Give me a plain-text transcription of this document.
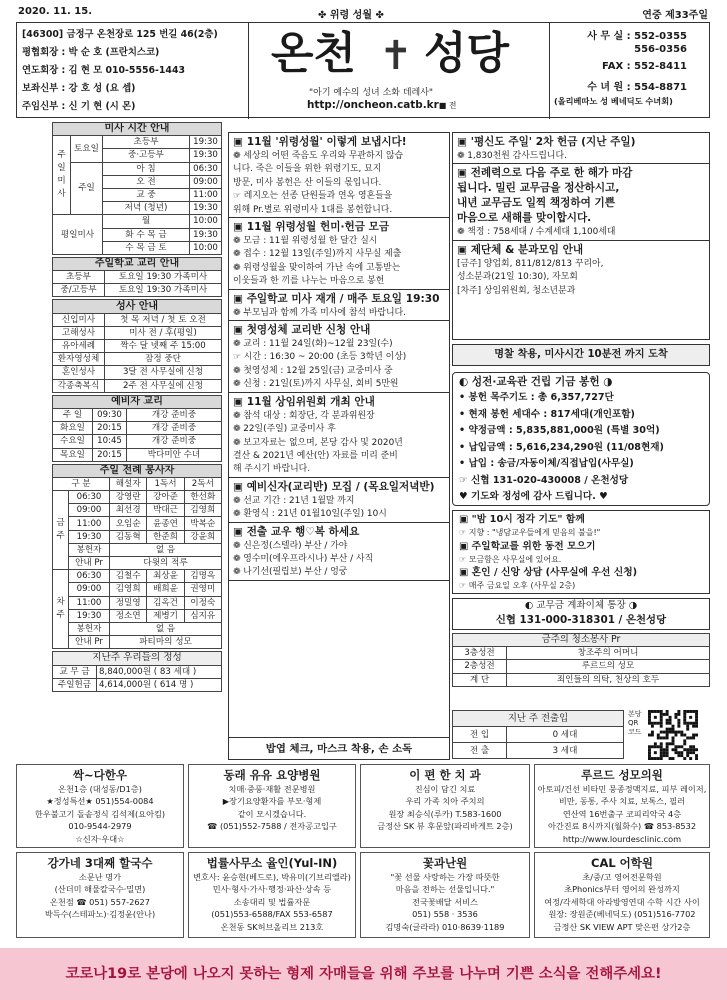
2020. 11. 15.	✤ 위령 성월 ✤	연중 제33주일
[46300] 금정구 온천장로 125 번길 46(2층)
평협회장 : 박 순 호 (프란치스코)
연도회장 : 김 현 모 010-5556-1443
보좌신부 : 강 호 성 (요 셉)
주임신부 : 신 기 현 (시 몬)
온천 ✝ 성당
"아기 예수의 성녀 소화 데레사"
http://oncheon.catb.kr■ 전
사 무 실 : 552-0355
556-0356
FAX : 552-8411
수 녀 원 : 554-8871
(올리베따노 성 베네딕도 수녀회)
미사 시간 안내			
주일미사	토요일	초등부	19:30
		중·고등부	19:30
	주일	아 침	06:30
		오 전	09:00
		교 중	11:00
		저녁 (청년)	19:30
평일미사		월	10:00
		화 수 목 금	19:30
		수 목 금 토	10:00
주일학교 교리 안내	
초등부	토요일 19:30 가족미사
중/고등부	토요일 19:30 가족미사
성사 안내	
신입미사	첫 목 저녁 / 첫 토 오전
고해성사	미사 전 / 후(평일)
유아세례	짝수 달 넷째 주 15:00
환자영성체	잠정 중단
혼인성사	3달 전 사무실에 신청
각종축복식	2주 전 사무실에 신청
예비자 교리		
주 일	09:30	개강 준비중
화요일	20:15	개강 준비중
수요일	10:45	개강 준비중
목요일	20:15	박다미안 수녀
주일 전례 봉사자				
구 분		해설자	1독서	2독서
금 주	06:30	강영란	강아준	한선화
	09:00	최선경	박대근	김영희
	11:00	오임순	윤종연	박복순
	19:30	김동혁	한준희	강윤희
	봉헌자	없 음		
	안내 Pr	다윗의 적루		
차 주	06:30	김철수	최상윤	김명옥
	09:00	김영희	배희윤	권영미
	11:00	정밀영	김옥건	이정숙
	19:30	정소연	제병기	심지유
	봉헌자	없 음		
	안내 Pr	파티마의 성모		
지난주 우리들의 정성	
교 무 금	8,840,000원 ( 83 세대 )
주일헌금	4,614,000원 ( 614 명 )
▣ 11월 '위령성월' 이렇게 보냅시다!
❁ 세상의 어떤 죽음도 우리와 무관하지 않습
니다. 죽은 이들을 위한 위령기도, 묘지
방문, 미사 봉헌은 산 이들의 몫입니다.
☞ 레지오는 선종 단원들과 연옥 영혼들을
위해 Pr.별로 위령미사 1대를 봉헌합니다.
▣ 11월 위령성월 헌미·헌금 모금
❁ 모금 : 11월 위령성월 한 달간 실시
❁ 접수 : 12월 13일(주일)까지 사무실 제출
❁ 위령성월을 맞이하여 가난 속에 고통받는
이웃들과 한 끼를 나누는 마음으로 봉헌
▣ 주일학교 미사 재개 / 매주 토요일 19:30
❁ 부모님과 함께 가족 미사에 참석 바랍니다.
▣ 첫영성체 교리반 신청 안내
❁ 교리 : 11월 24일(화)~12월 23일(수)
☞ 시간 : 16:30 ~ 20:00 (초등 3학년 이상)
❁ 첫영성체 : 12월 25일(금) 교중미사 중
❁ 신청 : 21일(토)까지 사무실, 회비 5만원
▣ 11월 상임위원회 개최 안내
❁ 참석 대상 : 회장단, 각 분과위원장
❁ 22일(주일) 교중미사 후
❁ 보고자료는 없으며, 본당 감사 및 2020년
결산 & 2021년 예산(안) 자료를 미리 준비
해 주시기 바랍니다.
▣ 예비신자(교리반) 모집 / (목요일저녁반)
❁ 선교 기간 : 21년 1월말 까지
❁ 환영식 : 21년 01월10일(주일) 10시
▣ 전출 교우 행♡복 하세요
❁ 신은정(스텔라) 부산 / 가야
❁ 영수미(에우프라시나) 부산 / 사직
❁ 나기선(필립보) 부산 / 엉궁
밥엽 체크, 마스크 착용, 손 소독
▣ '평신도 주일' 2차 헌금 (지난 주일)
❁ 1,830천원 감사드립니다.
▣ 전례력으로 다음 주로 한 해가 마감
됩니다. 밀린 교무금을 정산하시고,
내년 교무금도 일찍 책정하여 기쁜
마음으로 새해를 맞이합시다.
❁ 책정 : 758세대 / 수계세대 1,100세대
▣ 제단체 & 분과모임 안내
[금주] 양업회, 811/812/813 꾸리아,
성소분과(21일 10:30), 자모회
[차주] 상임위원회, 청소년분과
명찰 착용, 미사시간 10분전 까지 도착
◐ 성전·교육관 건립 기금 봉헌 ◑
• 봉헌 목주기도 : 총 6,357,727단
• 현재 봉헌 세대수 : 817세대(개인포함)
• 약정금액 : 5,835,881,000원 (특별 30억)
• 납입금액 : 5,616,234,290원 (11/08현재)
• 납입 : 송금/자동이체/직접납입(사무실)
☞ 신협 131-020-430008 / 온천성당
♥ 기도와 정성에 감사 드립니다. ♥
▣ "밤 10시 정각 기도" 함께
☞ 지향 : "냉담교우들에게 믿음의 불을!"
▣ 주일학교를 위한 동전 모으기
☞ 모금함은 사무실에 있어요.
▣ 혼인 / 신앙 상담 (사무실에 우선 신청)
☞ 매주 금요일 오후 (사무실 2층)
◐ 교무금 계좌이체 통장 ◑
신협 131-000-318301 / 온천성당
금주의 청소봉사 Pr	
3층성전	창조주의 어머니
2층성전	루르드의 성모
계 단	죄인들의 의탁, 천상의 호두
지난 주 전출입	
전 입	0 세대
전 출	3 세대
본당 QR 코드
싹~다한우
온천1층 (대성동/D1층)
★정성특선★ 051)554-0084
한우불고기 돌솥정식 김석제(요아킴)
010-9544-2979
☆신자·우대☆
동래 유유 요양병원
치매·중풍·재활 전문병원
▶장기요양환자를 부모·형제
같이 모시겠습니다.
☎ (051)552-7588 / 전자공고입구
이 편 한 치 과
진심이 담긴 치료
우리 가족 치아 주치의
원장 최승식(루카) T.583-1600
금정산 SK 뷰 후문앞(파리바게트 2층)
루르드 성모의원
아토피/건선 비타민 뭉종정맥지료, 피부 레이저,
비만, 동통, 주사 치료, 보톡스, 필러
연산역 16번출구 코피리악국 4층
아간진료 8시까지(월화수) ☎ 853-8532
http://www.lourdesclinic.com
강가네 3대째 할국수
소문난 명가
(산더미 해물칼국수·밀면)
온천점 ☎ 051) 557-2627
박득수(스테파노)·김정윤(안나)
법률사무소 율인(Yul-IN)
변호사: 윤승현(베드로), 박유미(기브리엘라)
민사·형사·가사·행정·파산·상속 등
소송대리 및 법률자문
(051)553-6588/FAX 553-6587
온천동 SK허브올리브 213호
꽃과난원
"꽃 선물 사랑하는 가장 따뜻한
마음을 전하는 선물입니다."
전국꽃배달 서비스
051) 558 · 3536
김명숙(글라라) 010·8639·1189
CAL 어학원
초/중/고 영어전문학원
초Phonics부터 영어의 완성까지
여정/각세학대 아라방영연대 수학 시간 사이
원장: 장원준(베네딕도) (051)516-7702
금정산 SK VIEW APT 맞은편 상가2층
코로나19로 본당에 나오지 못하는 형제 자매들을 위해 주보를 나누며 기쁜 소식을 전해주세요!
